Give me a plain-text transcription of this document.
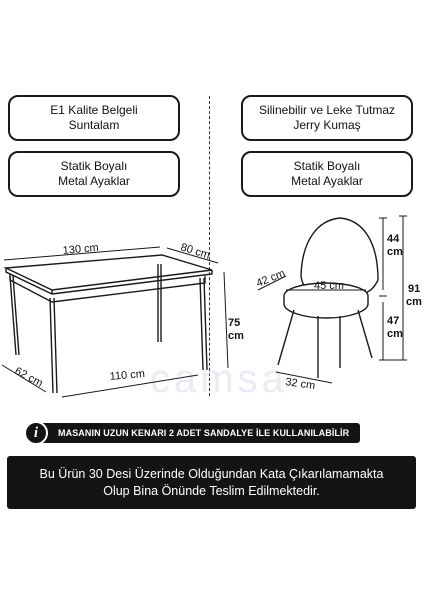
E1 Kalite Belgeli
Suntalam
Statik Boyalı
Metal Ayaklar
Silinebilir ve Leke Tutmaz
Jerry Kumaş
Statik Boyalı
Metal Ayaklar
camsa
130 cm	80 cm
75
cm
62 cm	110 cm
44
cm
91
cm
47
cm
42 cm 45 cm
32 cm
MASANIN UZUN KENARI 2 ADET SANDALYE İLE KULLANILABİLİR
i
Bu Ürün 30 Desi Üzerinde Olduğundan Kata Çıkarılamamakta
Olup Bina Önünde Teslim Edilmektedir.
